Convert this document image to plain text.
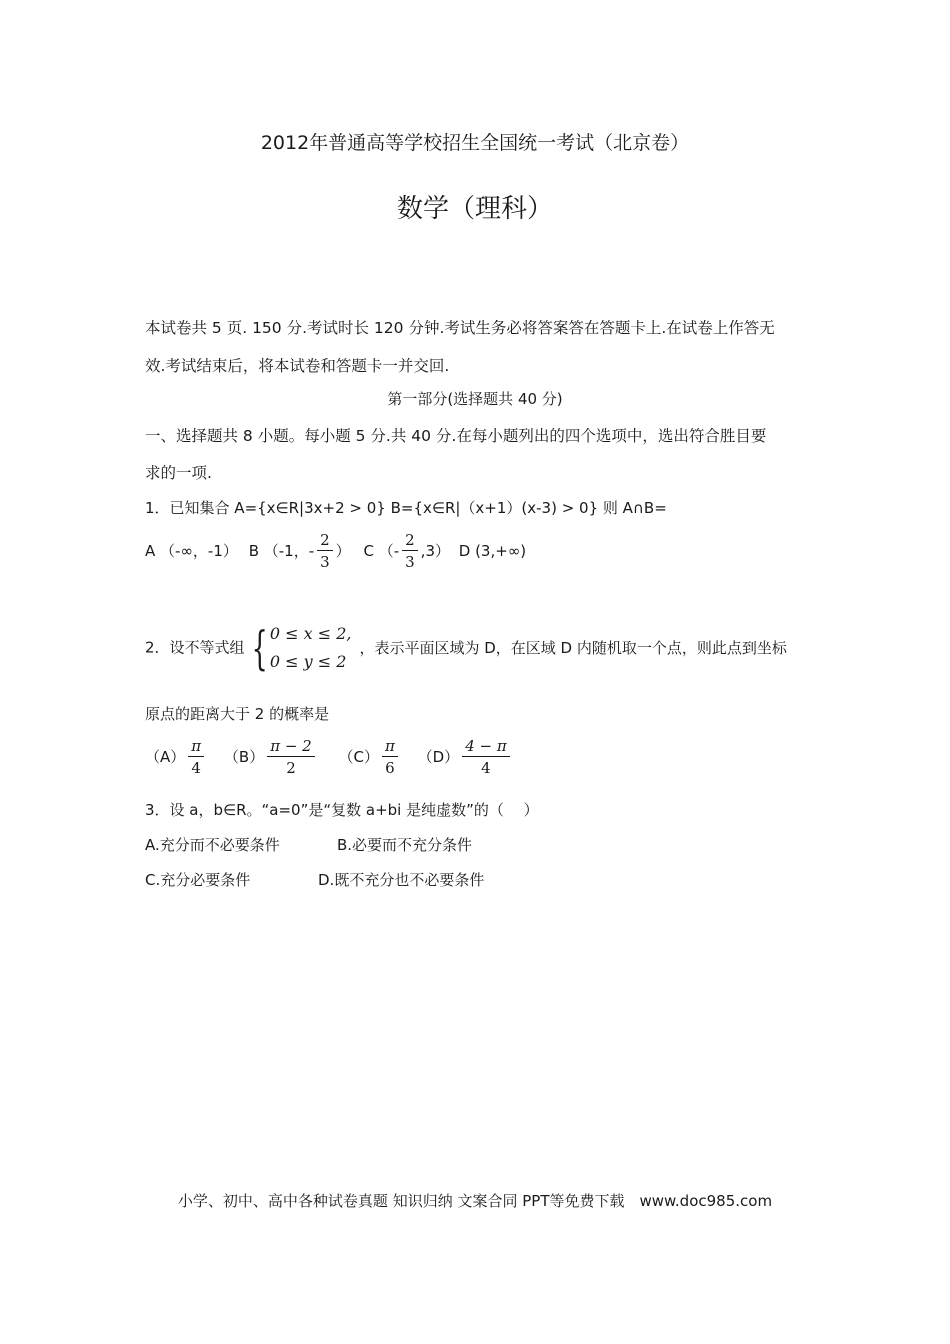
2012年普通高等学校招生全国统一考试（北京卷）
数学（理科）
本试卷共 5 页. 150 分.考试时长 120 分钟.考试生务必将答案答在答题卡上.在试卷上作答无
效.考试结束后，将本试卷和答题卡一并交回.
第一部分(选择题共 40 分)
一、选择题共 8 小题。每小题 5 分.共 40 分.在每小题列出的四个选项中，选出符合胜目要
求的一项.
1．已知集合 A={x∈R|3x+2 > 0} B={x∈R|（x+1）(x-3) > 0} 则 A∩B=
A （-∞，-1） B （-1，- $\frac{2}{3}$ ） C （- $\frac{2}{3} ,3$） D (3,+∞)
2．设不等式组 { 0 ≤ x ≤ 2,
0 ≤ y ≤ 2
，表示平面区域为 D，在区域 D 内随机取一个点，则此点到坐标
原点的距离大于 2 的概率是
$(A) \frac{\pi}{4} (B) \frac{\pi - 2}{2} (C) \frac{\pi}{6} (D) \frac{4 - \pi}{4}$
3．设 a，b∈R。“a=0”是“复数 a+bi 是纯虚数”的（　 ）
A.充分而不必要条件	B.必要而不充分条件
C.充分必要条件	D.既不充分也不必要条件
小学、初中、高中各种试卷真题 知识归纳 文案合同 PPT等免费下载　www.doc985.com
